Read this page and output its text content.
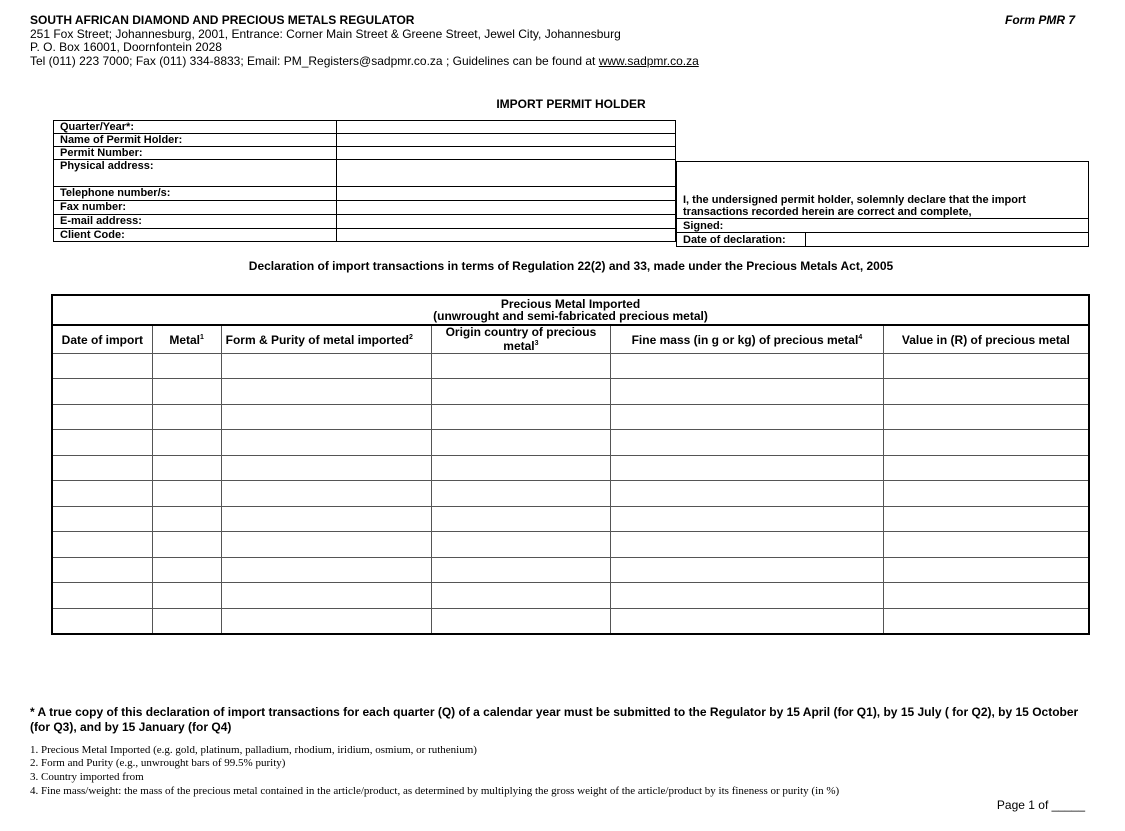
SOUTH AFRICAN DIAMOND AND PRECIOUS METALS REGULATOR
251 Fox Street; Johannesburg, 2001, Entrance: Corner Main Street & Greene Street, Jewel City, Johannesburg
P. O. Box 16001, Doornfontein 2028
Tel (011) 223 7000; Fax (011) 334-8833; Email: PM_Registers@sadpmr.co.za ; Guidelines can be found at www.sadpmr.co.za
Form PMR 7
IMPORT PERMIT HOLDER
Quarter/Year*:	
Name of Permit Holder:	
Permit Number:	
Physical address:	
Telephone number/s:	
Fax number:	
E-mail address:	
Client Code:	
I, the undersigned permit holder, solemnly declare that the import transactions recorded herein are correct and complete,
Signed:
Date of declaration:	
Declaration of import transactions in terms of Regulation 22(2) and 33, made under the Precious Metals Act, 2005
Precious Metal Imported
(unwrought and semi-fabricated precious metal)					

Date of import	Metal$^1$	Form & Purity of metal imported$^2$	Origin country of precious metal$^3$	Fine mass (in g or kg) of precious metal$^4$	Value in (R) of precious metal

* A true copy of this declaration of import transactions for each quarter (Q) of a calendar year must be submitted to the Regulator by 15 April (for Q1), by 15 July ( for Q2), by 15 October (for Q3), and by 15 January (for Q4)
1. Precious Metal Imported (e.g. gold, platinum, palladium, rhodium, iridium, osmium, or ruthenium)
2. Form and Purity (e.g., unwrought bars of 99.5% purity)
3. Country imported from
4. Fine mass/weight: the mass of the precious metal contained in the article/product, as determined by multiplying the gross weight of the article/product by its fineness or purity (in %)
Page 1 of _____
